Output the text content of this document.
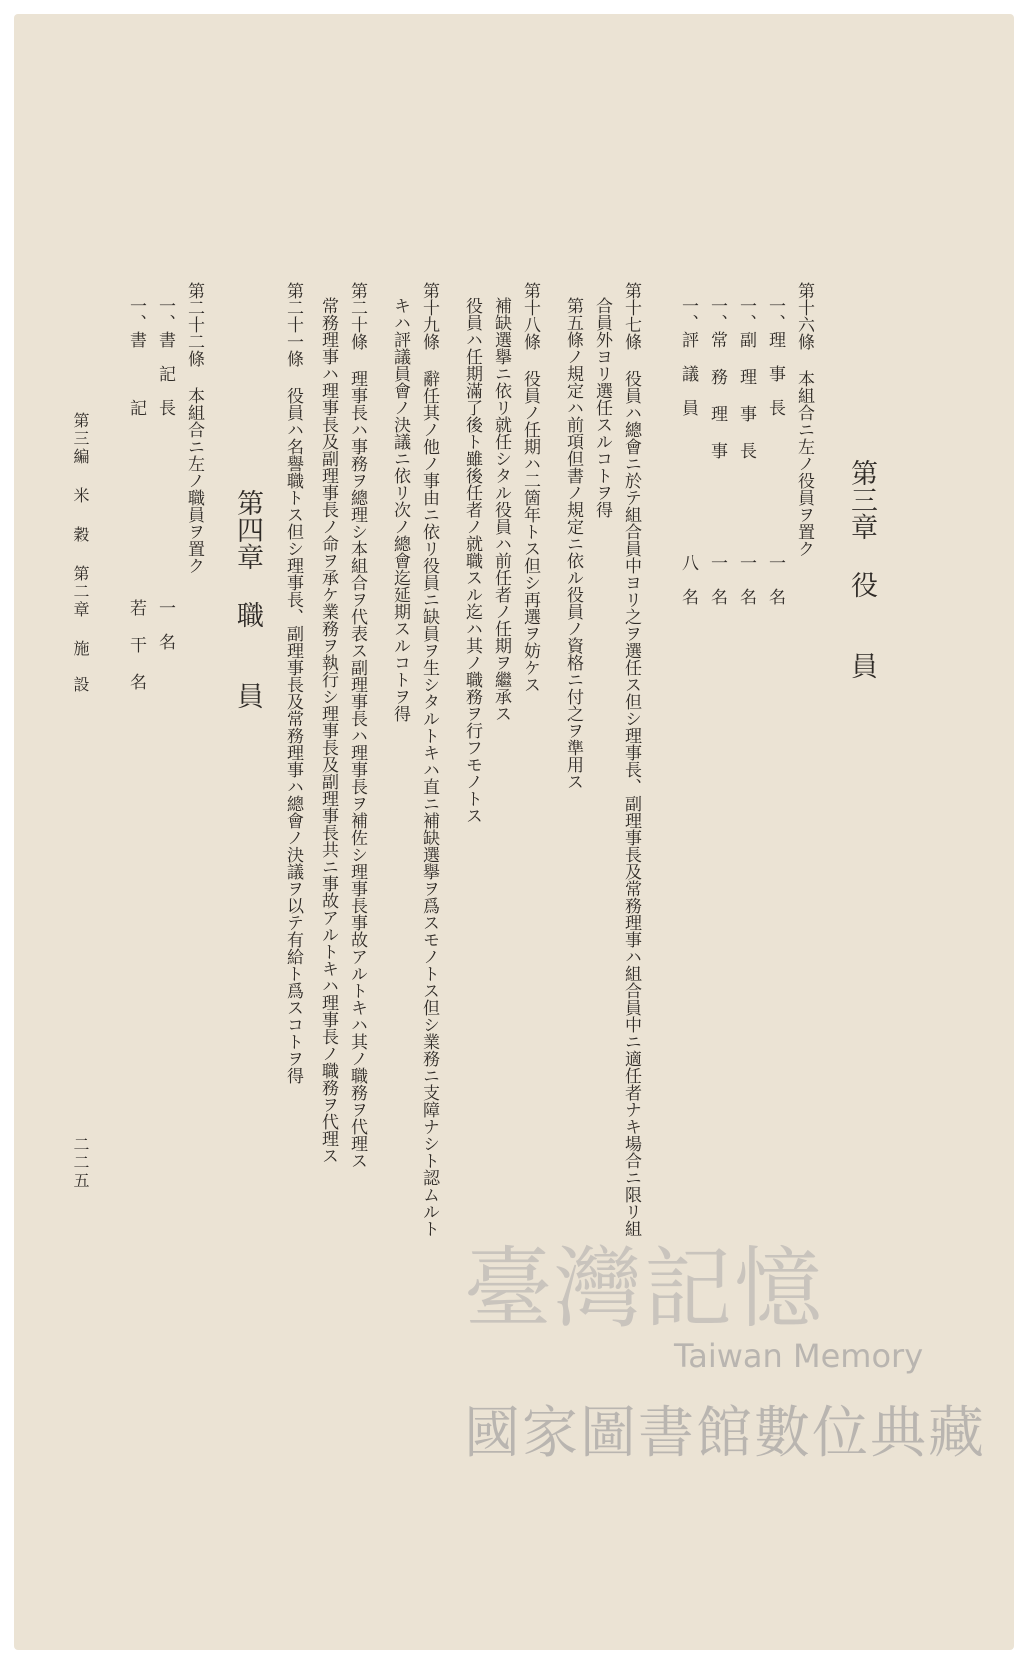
第三章 役　　員
第十六條 本組合ニ左ノ役員ヲ置ク
一、理　事　長
一　名
一、副 理 事 長
一　名
一、常 務 理 事
一　名
一、評　議　員
八　名
第十七條 役員ハ總會ニ於テ組合員中ヨリ之ヲ選任ス但シ理事長、副理事長及常務理事ハ組合員中ニ適任者ナキ場合ニ限リ組
合員外ヨリ選任スルコトヲ得
第五條ノ規定ハ前項但書ノ規定ニ依ル役員ノ資格ニ付之ヲ準用ス
第十八條 役員ノ任期ハ二箇年トス但シ再選ヲ妨ケス
補缺選擧ニ依リ就任シタル役員ハ前任者ノ任期ヲ繼承ス
役員ハ任期滿了後ト雖後任者ノ就職スル迄ハ其ノ職務ヲ行フモノトス
第十九條 辭任其ノ他ノ事由ニ依リ役員ニ缺員ヲ生シタルトキハ直ニ補缺選擧ヲ爲スモノトス但シ業務ニ支障ナシト認ムルト
キハ評議員會ノ決議ニ依リ次ノ總會迄延期スルコトヲ得
第二十條 理事長ハ事務ヲ總理シ本組合ヲ代表ス副理事長ハ理事長ヲ補佐シ理事長事故アルトキハ其ノ職務ヲ代理ス
常務理事ハ理事長及副理事長ノ命ヲ承ケ業務ヲ執行シ理事長及副理事長共ニ事故アルトキハ理事長ノ職務ヲ代理ス
第二十一條 役員ハ名譽職トス但シ理事長、副理事長及常務理事ハ總會ノ決議ヲ以テ有給ト爲スコトヲ得
第四章 職　　員
第二十二條 本組合ニ左ノ職員ヲ置ク
一、書　記　長
一　名
一、書　　　記
若 干 名
第三編 米 穀 第二章 施　設
二二五
臺灣記憶
Taiwan Memory
國家圖書館數位典藏
